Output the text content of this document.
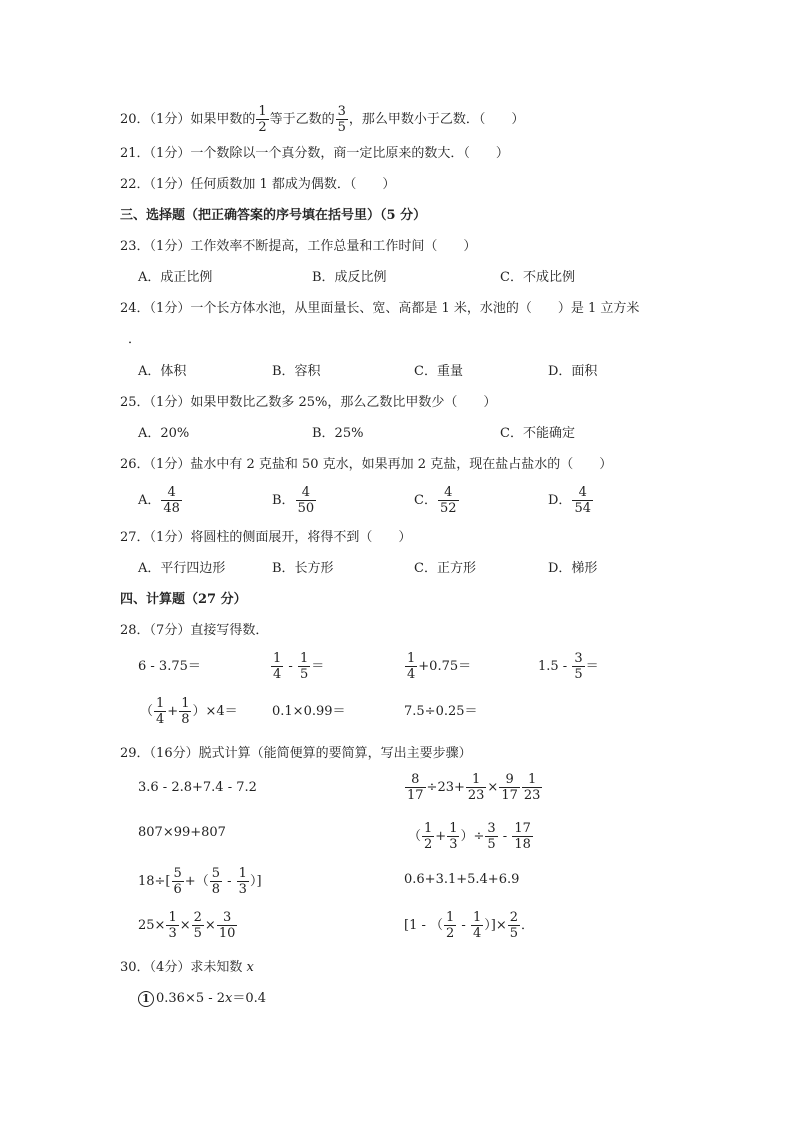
20．（1分）如果甲数的 $\frac{1}{2}$ 等于乙数的 $\frac{3}{5}$ ，那么甲数小于乙数．（　　）
21．（1分）一个数除以一个真分数，商一定比原来的数大．（　　）
22．（1分）任何质数加 1 都成为偶数．（　　）
三、选择题（把正确答案的序号填在括号里）（5 分）
23．（1分）工作效率不断提高，工作总量和工作时间（　　）
A．成正比例	B．成反比例	C．不成比例
24．（1分）一个长方体水池，从里面量长、宽、高都是 1 米，水池的（　　）是 1 立方米
．
A．体积	B．容积	C．重量	D．面积
25．（1分）如果甲数比乙数多 25%，那么乙数比甲数少（　　）
A．20%	B．25%	C．不能确定
26．（1分）盐水中有 2 克盐和 50 克水，如果再加 2 克盐，现在盐占盐水的（　　）
A． $\frac{4}{48}$	B． $\frac{4}{50}$	C． $\frac{4}{52}$	D． $\frac{4}{54}$
27．（1分）将圆柱的侧面展开，将得不到（　　）
A．平行四边形	B．长方形	C．正方形	D．梯形
四、计算题（27 分）
28．（7分）直接写得数．
6 - 3.75＝	$\frac{1}{4} - \frac{1}{5}$ ＝	$\frac{1}{4} +0.75=$	$1.5 - \frac{3}{5}$ ＝
（ $\frac{1}{4} + \frac{1}{8} )\times 4=$	0.1×0.99＝	7.5÷0.25＝
29．（16分）脱式计算（能简便算的要简算，写出主要步骤）
3.6 - 2.8+7.4 - 7.2	$\frac{8}{17} \div 23+ \frac{1}{23} \times \frac{9}{17} \frac{1}{23}$
807×99+807	（ $\frac{1}{2} + \frac{1}{3}$ ）÷ $\frac{3}{5} - \frac{17}{18}$
$18\div[ \frac{5}{6}$ +（ $\frac{5}{8} - \frac{1}{3}$ ）]	0.6+3.1+5.4+6.9
$25\times \frac{1}{3} \times \frac{2}{5} \times \frac{3}{10}$	[1 - （ $\frac{1}{2} - \frac{1}{4}$ ）]× $\frac{2}{5}$ ．
30．（4分）求未知数 x
1 0.36×5 - 2x＝0.4
